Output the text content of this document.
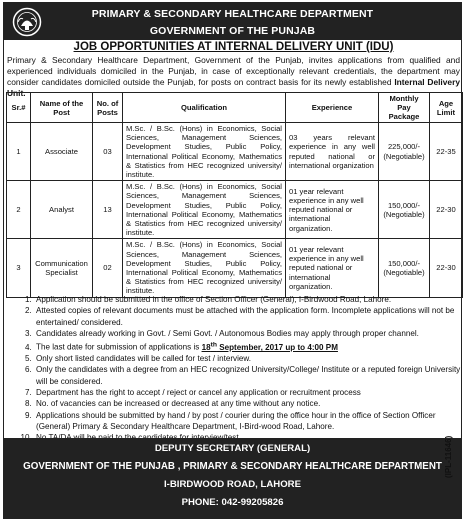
PRIMARY & SECONDARY HEALTHCARE DEPARTMENT
GOVERNMENT OF THE PUNJAB
JOB OPPORTUNITIES AT INTERNAL DELIVERY UNIT (IDU)
Primary & Secondary Healthcare Department, Government of the Punjab, invites applications from qualified and experienced individuals domiciled in the Punjab, in case of exceptionally relevant credentials, the department may consider candidates domiciled outside the Punjab, for posts on contract basis for its newly established Internal Delivery Unit.
Sr.#	Name of the Post	No. of Posts	Qualification	Experience	Monthly Pay Package	Age Limit
1	Associate	03	M.Sc. / B.Sc. (Hons) in Economics, Social Sciences, Management Sciences, Development Studies, Public Policy, International Political Economy, Mathematics & Statistics from HEC recognized university/ institute.	03 years relevant experience in any well reputed national or international organization	225,000/-
(Negotiable)	22-35
2	Analyst	13	M.Sc. / B.Sc. (Hons) in Economics, Social Sciences, Management Sciences, Development Studies, Public Policy, International Political Economy, Mathematics & Statistics from HEC recognized university/ institute.	01 year relevant experience in any well reputed national or international organization.	150,000/-
(Negotiable)	22-30
3	Communication Specialist	02	M.Sc. / B.Sc. (Hons) in Economics, Social Sciences, Management Sciences, Development Studies, Public Policy, International Political Economy, Mathematics & Statistics from HEC recognized university/ institute.	01 year relevant experience in any well reputed national or international organization.	150,000/-
(Negotiable)	22-30
1. Application should be submitted in the office of Section Officer (General), I-Birdwood Road, Lahore.
2. Attested copies of relevant documents must be attached with the application form. Incomplete applications will not be entertained/ considered.
3. Candidates already working in Govt. / Semi Govt. / Autonomous Bodies may apply through proper channel.
4. The last date for submission of applications is 18th September, 2017 up to 4:00 PM
5. Only short listed candidates will be called for test / interview.
6. Only the candidates with a degree from an HEC recognized University/College/ Institute or a reputed foreign University will be considered.
7. Department has the right to accept / reject or cancel any application or recruitment process
8. No. of vacancies can be increased or decreased at any time without any notice.
9. Applications should be submitted by hand / by post / courier during the office hour in the office of Section Officer (General) Primary & Secondary Healthcare Department, I-Bird-wood Road, Lahore.
10.
DEPUTY SECRETARY (GENERAL)
GOVERNMENT OF THE PUNJAB , PRIMARY & SECONDARY HEALTHCARE DEPARTMENT
I-BIRDWOOD ROAD, LAHORE
PHONE: 042-99205826
(IPL-11646)
